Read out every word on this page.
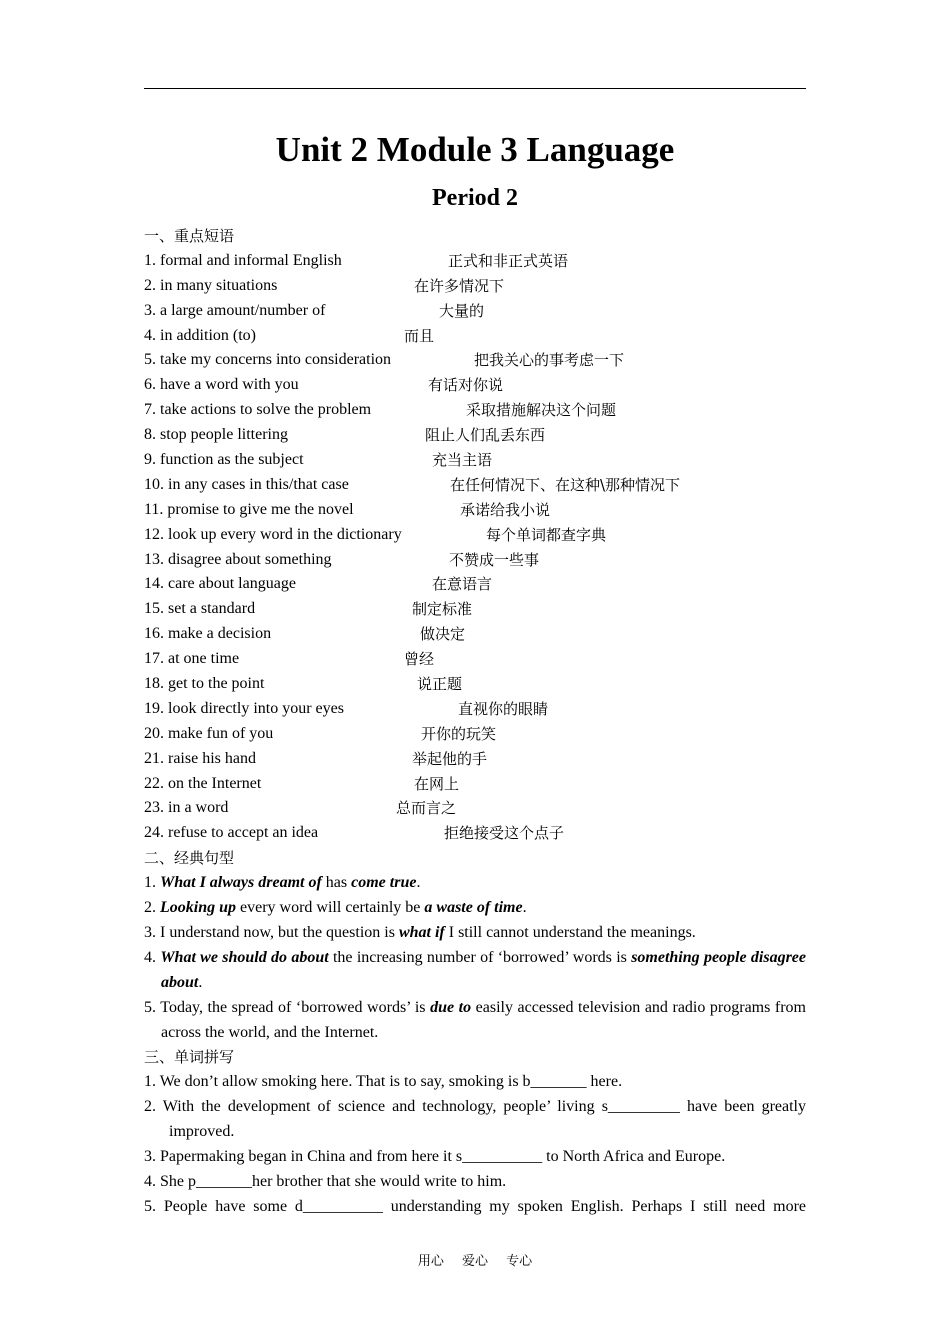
Unit 2 Module 3 Language
Period 2
一、重点短语
1. formal and informal English	正式和非正式英语
2. in many situations	在许多情况下
3. a large amount/number of	大量的
4. in addition (to)	而且
5. take my concerns into consideration	把我关心的事考虑一下
6. have a word with you	有话对你说
7. take actions to solve the problem	采取措施解决这个问题
8. stop people littering	阻止人们乱丢东西
9. function as the subject	充当主语
10. in any cases in this/that case	在任何情况下、在这种\那种情况下
11. promise to give me the novel	承诺给我小说
12. look up every word in the dictionary	每个单词都查字典
13. disagree about something	不赞成一些事
14. care about language	在意语言
15. set a standard	制定标准
16. make a decision	做决定
17. at one time	曾经
18. get to the point	说正题
19. look directly into your eyes	直视你的眼睛
20. make fun of you	开你的玩笑
21. raise his hand	举起他的手
22. on the Internet	在网上
23. in a word	总而言之
24. refuse to accept an idea	拒绝接受这个点子
二、经典句型
1. What I always dreamt of has come true.
2. Looking up every word will certainly be a waste of time.
3. I understand now, but the question is what if I still cannot understand the meanings.
4. What we should do about the increasing number of ‘borrowed’ words is something people disagree about.
5. Today, the spread of ‘borrowed words’ is due to easily accessed television and radio programs from across the world, and the Internet.
三、单词拼写
1. We don’t allow smoking here. That is to say, smoking is b_______ here.
2. With the development of science and technology, people’ living s_________ have been greatly improved.
3. Papermaking began in China and from here it s__________ to North Africa and Europe.
4. She p_______her brother that she would write to him.
5. People have some d__________ understanding my spoken English. Perhaps I still need more
用心 爱心 专心
